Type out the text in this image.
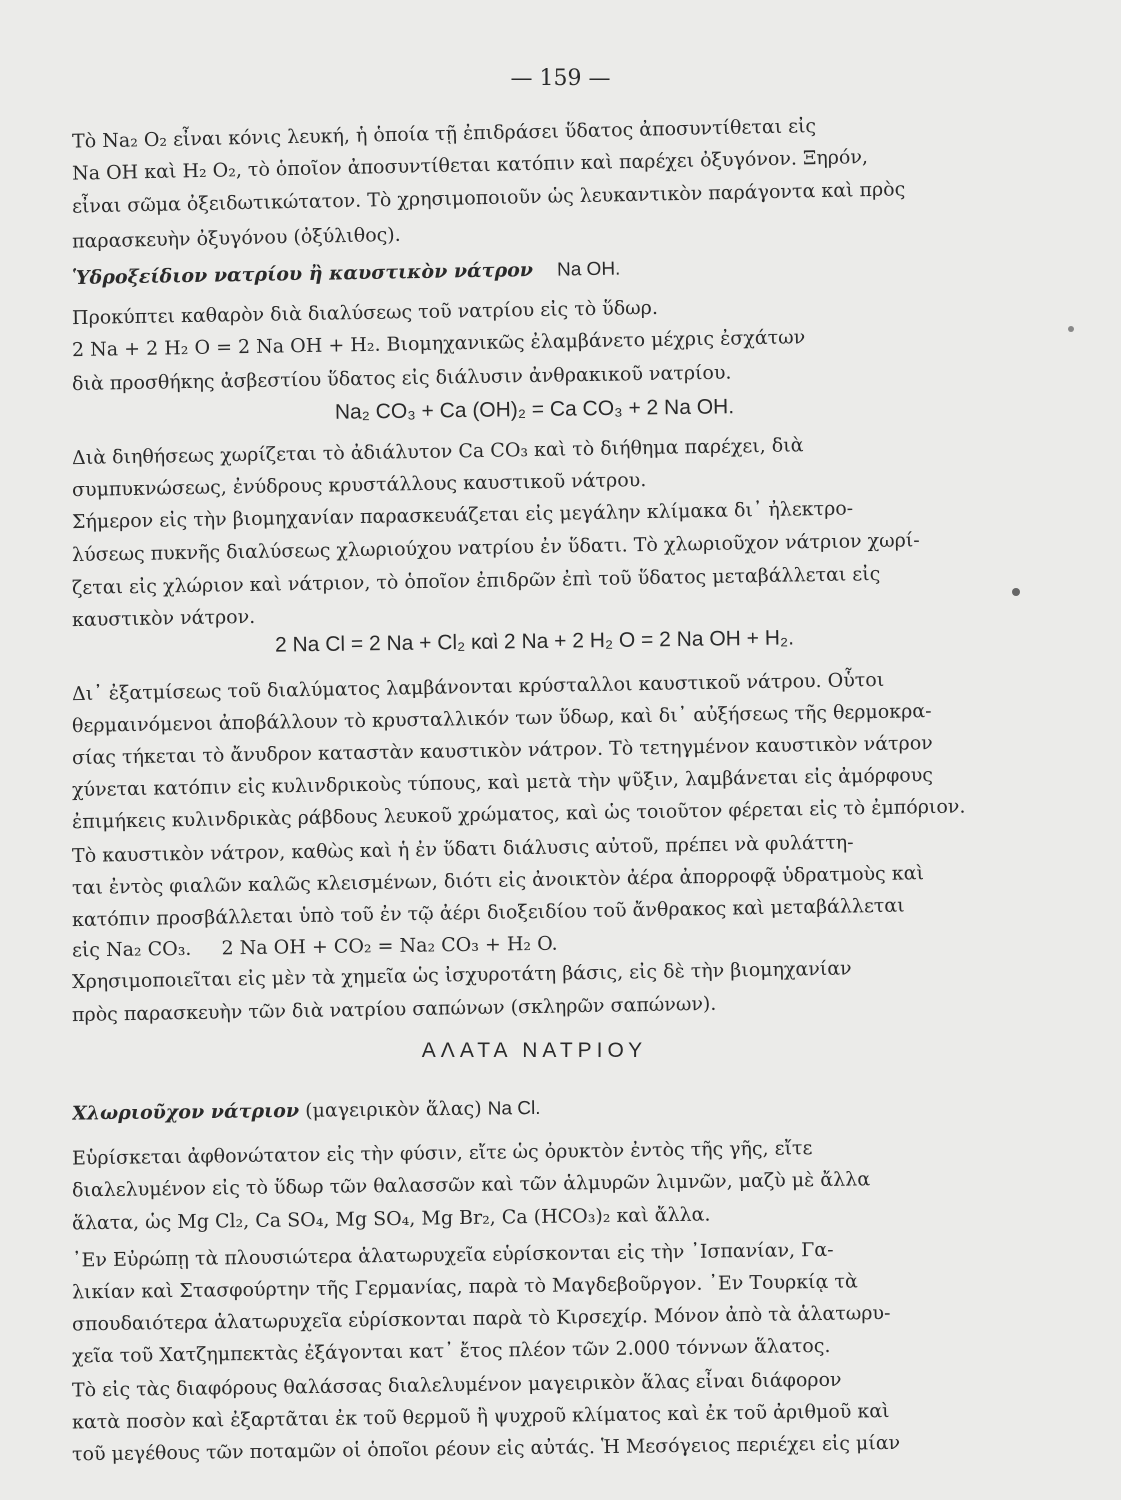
— 159 —
Τὸ Na₂ O₂ εἶναι κόνις λευκή, ἡ ὁποία τῇ ἐπιδράσει ὕδατος ἀποσυντίθεται εἰς
Na OH καὶ H₂ O₂, τὸ ὁποῖον ἀποσυντίθεται κατόπιν καὶ παρέχει ὀξυγόνον. Ξηρόν,
εἶναι σῶμα ὀξειδωτικώτατον. Τὸ χρησιμοποιοῦν ὡς λευκαντικὸν παράγοντα καὶ πρὸς
παρασκευὴν ὀξυγόνου (ὀξύλιθος).
Ὑδροξείδιον νατρίου ἢ καυστικὸν νάτρον Na OH.
Προκύπτει καθαρὸν διὰ διαλύσεως τοῦ νατρίου εἰς τὸ ὕδωρ.
2 Na + 2 H₂ O = 2 Na OH + H₂. Βιομηχανικῶς ἐλαμβάνετο μέχρις ἐσχάτων
διὰ προσθήκης ἀσβεστίου ὕδατος εἰς διάλυσιν ἀνθρακικοῦ νατρίου.
Na₂ CO₃ + Ca (OH)₂ = Ca CO₃ + 2 Na OH.
Διὰ διηθήσεως χωρίζεται τὸ ἀδιάλυτον Ca CO₃ καὶ τὸ διήθημα παρέχει, διὰ
συμπυκνώσεως, ἐνύδρους κρυστάλλους καυστικοῦ νάτρου.
Σήμερον εἰς τὴν βιομηχανίαν παρασκευάζεται εἰς μεγάλην κλίμακα δι᾽ ἠλεκτρο-
λύσεως πυκνῆς διαλύσεως χλωριούχου νατρίου ἐν ὕδατι. Τὸ χλωριοῦχον νάτριον χωρί-
ζεται εἰς χλώριον καὶ νάτριον, τὸ ὁποῖον ἐπιδρῶν ἐπὶ τοῦ ὕδατος μεταβάλλεται εἰς
καυστικὸν νάτρον.
2 Na Cl = 2 Na + Cl₂ καὶ 2 Na + 2 H₂ O = 2 Na OH + H₂.
Δι᾽ ἐξατμίσεως τοῦ διαλύματος λαμβάνονται κρύσταλλοι καυστικοῦ νάτρου. Οὗτοι
θερμαινόμενοι ἀποβάλλουν τὸ κρυσταλλικόν των ὕδωρ, καὶ δι᾽ αὐξήσεως τῆς θερμοκρα-
σίας τήκεται τὸ ἄνυδρον καταστὰν καυστικὸν νάτρον. Τὸ τετηγμένον καυστικὸν νάτρον
χύνεται κατόπιν εἰς κυλινδρικοὺς τύπους, καὶ μετὰ τὴν ψῦξιν, λαμβάνεται εἰς ἀμόρφους
ἐπιμήκεις κυλινδρικὰς ράβδους λευκοῦ χρώματος, καὶ ὡς τοιοῦτον φέρεται εἰς τὸ ἐμπόριον.
Τὸ καυστικὸν νάτρον, καθὼς καὶ ἡ ἐν ὕδατι διάλυσις αὐτοῦ, πρέπει νὰ φυλάττη-
ται ἐντὸς φιαλῶν καλῶς κλεισμένων, διότι εἰς ἀνοικτὸν ἀέρα ἀπορροφᾷ ὑδρατμοὺς καὶ
κατόπιν προσβάλλεται ὑπὸ τοῦ ἐν τῷ ἀέρι διοξειδίου τοῦ ἄνθρακος καὶ μεταβάλλεται
εἰς Na₂ CO₃.     2 Na OH + CO₂ = Na₂ CO₃ + H₂ O.
Χρησιμοποιεῖται εἰς μὲν τὰ χημεῖα ὡς ἰσχυροτάτη βάσις, εἰς δὲ τὴν βιομηχανίαν
πρὸς παρασκευὴν τῶν διὰ νατρίου σαπώνων (σκληρῶν σαπώνων).
ΑΛΑΤΑ ΝΑΤΡΙΟΥ
Χλωριοῦχον νάτριον (μαγειρικὸν ἅλας) Na Cl.
Εὑρίσκεται ἀφθονώτατον εἰς τὴν φύσιν, εἴτε ὡς ὀρυκτὸν ἐντὸς τῆς γῆς, εἴτε
διαλελυμένον εἰς τὸ ὕδωρ τῶν θαλασσῶν καὶ τῶν ἁλμυρῶν λιμνῶν, μαζὺ μὲ ἄλλα
ἅλατα, ὡς Mg Cl₂, Ca SO₄, Mg SO₄, Mg Br₂, Ca (HCO₃)₂ καὶ ἄλλα.
᾽Εν Εὐρώπῃ τὰ πλουσιώτερα ἁλατωρυχεῖα εὑρίσκονται εἰς τὴν ᾽Ισπανίαν, Γα-
λικίαν καὶ Στασφούρτην τῆς Γερμανίας, παρὰ τὸ Μαγδεβοῦργον. ᾽Εν Τουρκίᾳ τὰ
σπουδαιότερα ἁλατωρυχεῖα εὑρίσκονται παρὰ τὸ Κιρσεχίρ. Μόνον ἀπὸ τὰ ἁλατωρυ-
χεῖα τοῦ Χατζημπεκτὰς ἐξάγονται κατ᾽ ἔτος πλέον τῶν 2.000 τόννων ἅλατος.
Τὸ εἰς τὰς διαφόρους θαλάσσας διαλελυμένον μαγειρικὸν ἅλας εἶναι διάφορον
κατὰ ποσὸν καὶ ἐξαρτᾶται ἐκ τοῦ θερμοῦ ἢ ψυχροῦ κλίματος καὶ ἐκ τοῦ ἀριθμοῦ καὶ
τοῦ μεγέθους τῶν ποταμῶν οἱ ὁποῖοι ρέουν εἰς αὐτάς. Ἡ Μεσόγειος περιέχει εἰς μίαν
